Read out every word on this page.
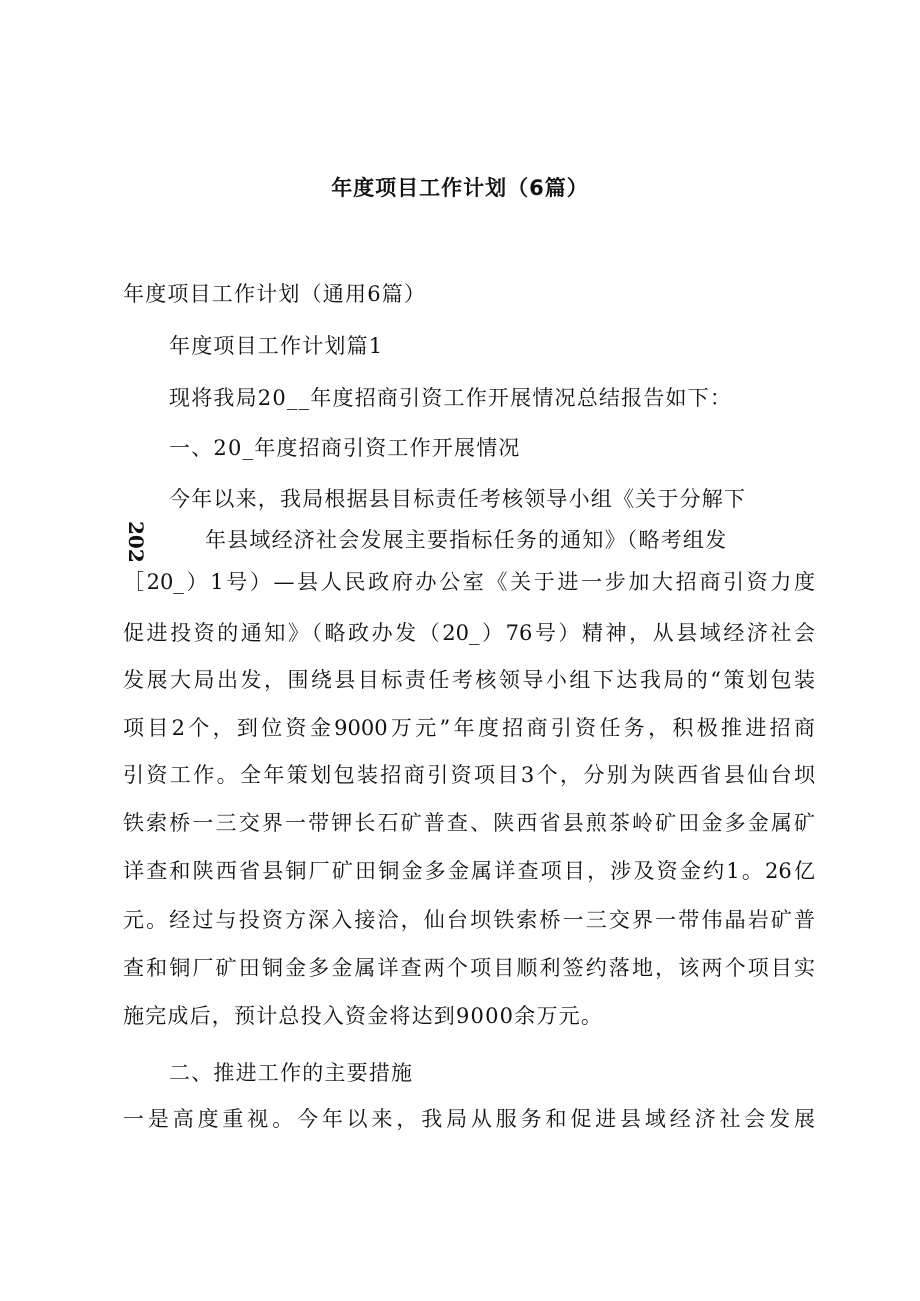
年度项目工作计划（6篇）
年度项目工作计划（通用6篇）
年度项目工作计划篇1
现将我局20__年度招商引资工作开展情况总结报告如下：
一、20_年度招商引资工作开展情况
今年以来，我局根据县目标责任考核领导小组《关于分解下
202	年县域经济社会发展主要指标任务的通知》（略考组发
［20_）1号）—县人民政府办公室《关于进一步加大招商引资力度
促进投资的通知》（略政办发（20_）76号）精神，从县域经济社会
发展大局出发，围绕县目标责任考核领导小组下达我局的“策划包装
项目2个，到位资金9000万元”年度招商引资任务，积极推进招商
引资工作。全年策划包装招商引资项目3个，分别为陕西省县仙台坝
铁索桥一三交界一带钾长石矿普查、陕西省县煎茶岭矿田金多金属矿
详查和陕西省县铜厂矿田铜金多金属详查项目，涉及资金约1。26亿
元。经过与投资方深入接洽，仙台坝铁索桥一三交界一带伟晶岩矿普
查和铜厂矿田铜金多金属详查两个项目顺利签约落地，该两个项目实
施完成后，预计总投入资金将达到9000余万元。
二、推进工作的主要措施
一是高度重视。今年以来，我局从服务和促进县域经济社会发展
